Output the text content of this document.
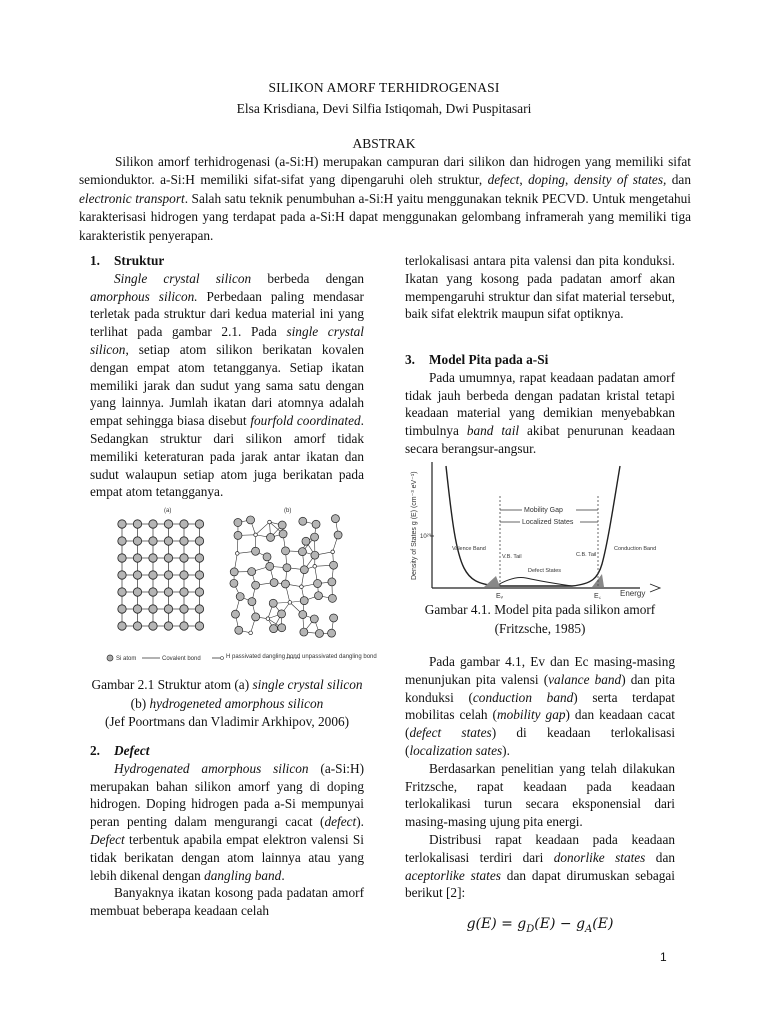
SILIKON AMORF TERHIDROGENASI
Elsa Krisdiana, Devi Silfia Istiqomah, Dwi Puspitasari
ABSTRAK

Silikon amorf terhidrogenasi (a-Si:H) merupakan campuran dari silikon dan hidrogen yang memiliki sifat semionduktor. a-Si:H memiliki sifat-sifat yang dipengaruhi oleh struktur, defect, doping, density of states, dan electronic transport. Salah satu teknik penumbuhan a-Si:H yaitu menggunakan teknik PECVD. Untuk mengetahui karakterisasi hidrogen yang terdapat pada a-Si:H dapat menggunakan gelombang inframerah yang memiliki tiga karakteristik penyerapan.

1. Struktur

Single crystal silicon berbeda dengan amorphous silicon. Perbedaan paling mendasar terletak pada struktur dari kedua material ini yang terlihat pada gambar 2.1. Pada single crystal silicon, setiap atom silikon berikatan kovalen dengan empat atom tetangganya. Setiap ikatan memiliki jarak dan sudut yang sama satu dengan yang lainnya. Jumlah ikatan dari atomnya adalah empat sehingga biasa disebut fourfold coordinated. Sedangkan struktur dari silikon amorf tidak memiliki keteraturan pada jarak antar ikatan dan sudut walaupun setiap atom juga berikatan pada empat atom tetangganya.

(a)	(b)
Si atom	Covalent bond	H passivated dangling bond unpassivated dangling bond
Gambar 2.1 Struktur atom (a) single crystal silicon
(b) hydrogeneted amorphous silicon
(Jef Poortmans dan Vladimir Arkhipov, 2006)

2. Defect

Hydrogenated amorphous silicon (a-Si:H) merupakan bahan silikon amorf yang di doping hidrogen. Doping hidrogen pada a-Si mempunyai peran penting dalam mengurangi cacat (defect). Defect terbentuk apabila empat elektron valensi Si tidak berikatan dengan atom lainnya atau yang lebih dikenal dengan dangling band.

Banyaknya ikatan kosong pada padatan amorf membuat beberapa keadaan celah

terlokalisasi antara pita valensi dan pita konduksi. Ikatan yang kosong pada padatan amorf akan mempengaruhi struktur dan sifat material tersebut, baik sifat elektrik maupun sifat optiknya.

3. Model Pita pada a-Si

Pada umumnya, rapat keadaan padatan amorf tidak jauh berbeda dengan padatan kristal tetapi keadaan material yang demikian menyebabkan timbulnya band tail akibat penurunan keadaan secara berangsur-angsur.

Density of States g (E) (cm⁻³ eV⁻¹) 10²⁰
Mobility Gap
Localized States
Valence Band
V.B. Tail
Defect States
C.B. Tail
Conduction Band
Eᵥ	E꜀ Energy
Gambar 4.1. Model pita pada silikon amorf
(Fritzsche, 1985)

Pada gambar 4.1, Ev dan Ec masing-masing menunjukan pita valensi (valance band) dan pita konduksi (conduction band) serta terdapat mobilitas celah (mobility gap) dan keadaan cacat (defect states) di keadaan terlokalisasi (localization sates).

Berdasarkan penelitian yang telah dilakukan Fritzsche, rapat keadaan pada keadaan terlokalikasi turun secara eksponensial dari masing-masing ujung pita energi.

Distribusi rapat keadaan pada keadaan terlokalisasi terdiri dari donorlike states dan aceptorlike states dan dapat dirumuskan sebagai berikut [2]:

$g(E) = g_D(E) - g_A(E)$
1
